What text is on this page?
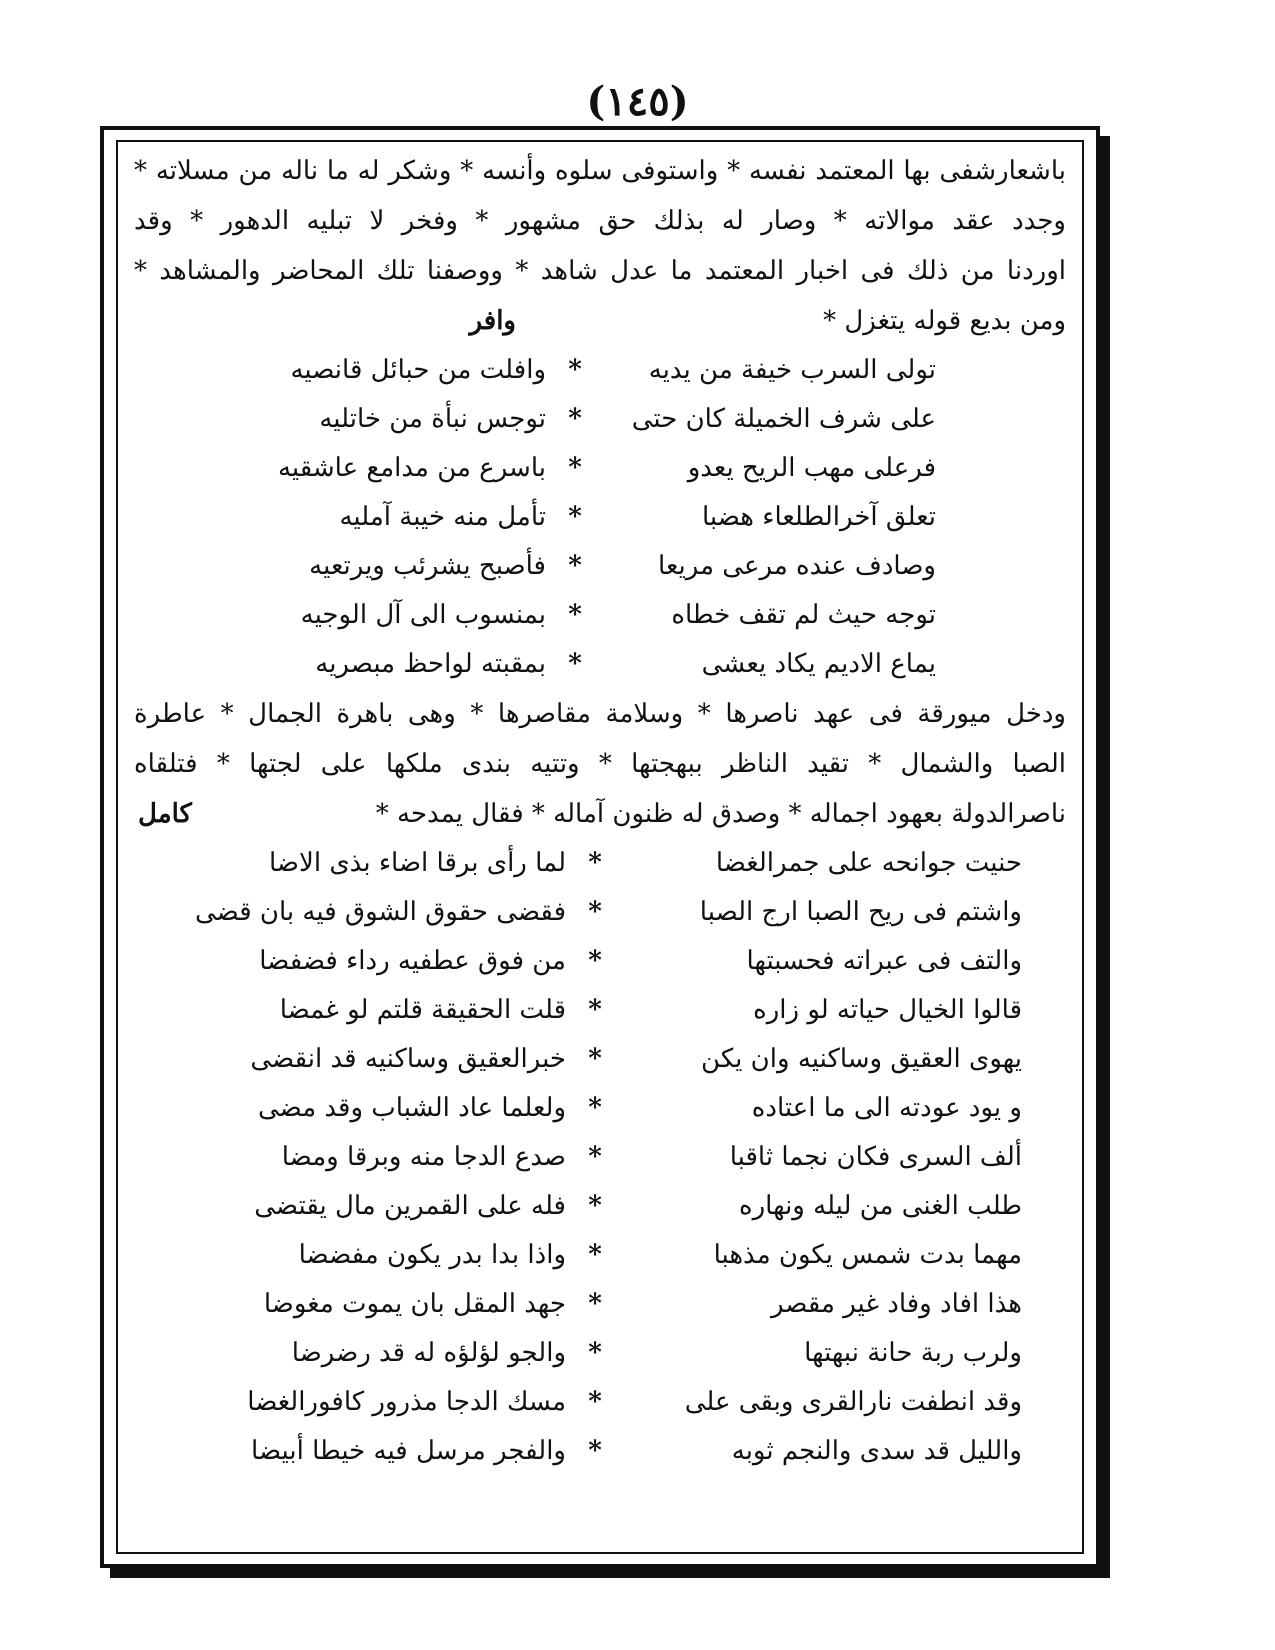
(١٤٥)
باشعارشفى بها المعتمد نفسه * واستوفى سلوه وأنسه * وشكر له ما ناله من مسلاته *
وجدد عقد موالاته * وصار له بذلك حق مشهور * وفخر لا تبليه الدهور * وقد
اوردنا من ذلك فى اخبار المعتمد ما عدل شاهد * ووصفنا تلك المحاضر والمشاهد *
ومن بديع قوله يتغزل *
وافر
تولى السرب خيفة من يديه
*
وافلت من حبائل قانصيه
على شرف الخميلة كان حتى
*
توجس نبأة من خاتليه
فرعلى مهب الريح يعدو
*
باسرع من مدامع عاشقيه
تعلق آخرالطلعاء هضبا
*
تأمل منه خيبة آمليه
وصادف عنده مرعى مريعا
*
فأصبح يشرئب ويرتعيه
توجه حيث لم تقف خطاه
*
بمنسوب الى آل الوجيه
يماع الاديم يكاد يعشى
*
بمقبته لواحظ مبصريه
ودخل ميورقة فى عهد ناصرها * وسلامة مقاصرها * وهى باهرة الجمال * عاطرة
الصبا والشمال * تقيد الناظر ببهجتها * وتتيه بندى ملكها على لجتها * فتلقاه
ناصرالدولة بعهود اجماله * وصدق له ظنون آماله * فقال يمدحه *
كامل
حنيت جوانحه على جمرالغضا
*
لما رأى برقا اضاء بذى الاضا
واشتم فى ريح الصبا ارج الصبا
*
فقضى حقوق الشوق فيه بان قضى
والتف فى عبراته فحسبتها
*
من فوق عطفيه رداء فضفضا
قالوا الخيال حياته لو زاره
*
قلت الحقيقة قلتم لو غمضا
يهوى العقيق وساكنيه وان يكن
*
خبرالعقيق وساكنيه قد انقضى
و يود عودته الى ما اعتاده
*
ولعلما عاد الشباب وقد مضى
ألف السرى فكان نجما ثاقبا
*
صدع الدجا منه وبرقا ومضا
طلب الغنى من ليله ونهاره
*
فله على القمرين مال يقتضى
مهما بدت شمس يكون مذهبا
*
واذا بدا بدر يكون مفضضا
هذا افاد وفاد غير مقصر
*
جهد المقل بان يموت مغوضا
ولرب ربة حانة نبهتها
*
والجو لؤلؤه له قد رضرضا
وقد انطفت نارالقرى وبقى على
*
مسك الدجا مذرور كافورالغضا
والليل قد سدى والنجم ثوبه
*
والفجر مرسل فيه خيطا أبيضا
